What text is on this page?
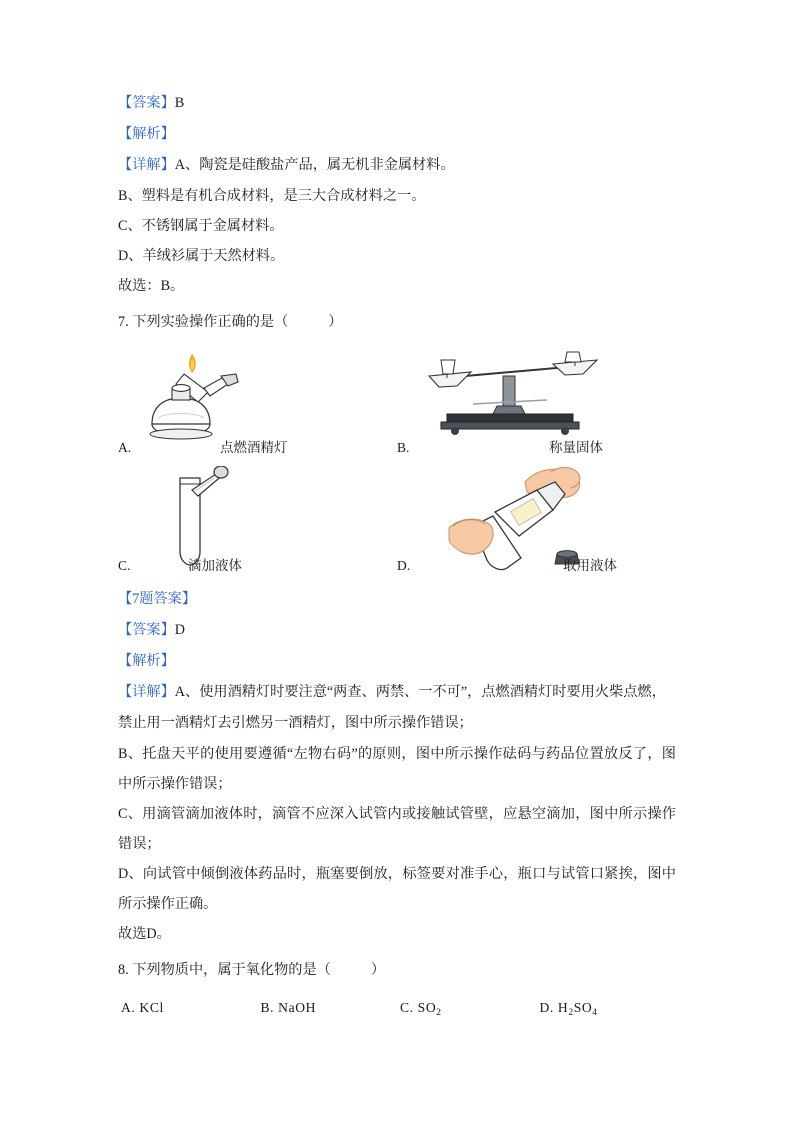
【答案】B
【解析】
【详解】A、陶瓷是硅酸盐产品，属无机非金属材料。

B、塑料是有机合成材料，是三大合成材料之一。

C、不锈钢属于金属材料。

D、羊绒衫属于天然材料。

故选：B。

7. 下列实验操作正确的是（	）
A.	点燃酒精灯	B.	称量固体
C.	滴加液体	D.	取用液体
【7题答案】
【答案】D
【解析】
【详解】A、使用酒精灯时要注意“两查、两禁、一不可”，点燃酒精灯时要用火柴点燃，禁止用一酒精灯去引燃另一酒精灯，图中所示操作错误；

B、托盘天平的使用要遵循“左物右码”的原则，图中所示操作砝码与药品位置放反了，图中所示操作错误；

C、用滴管滴加液体时，滴管不应深入试管内或接触试管壁，应悬空滴加，图中所示操作错误；

D、向试管中倾倒液体药品时，瓶塞要倒放，标签要对准手心，瓶口与试管口紧挨，图中所示操作正确。

故选D。

8. 下列物质中，属于氧化物的是（	）
A. KCl	B. NaOH	C. $SO_2$	D. $H_2SO_4$
